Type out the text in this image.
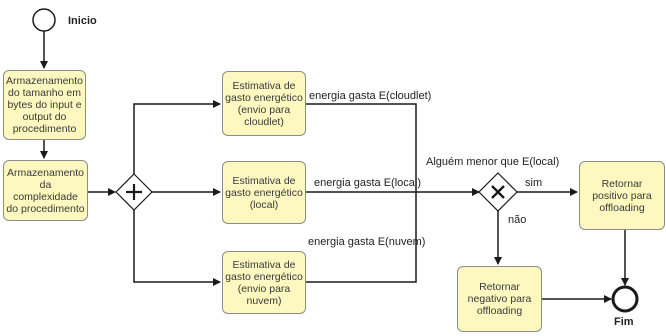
Inicio
Fim
Armazenamento
do tamanho em
bytes do input e
output do
procedimento
Armazenamento
da complexidade
do procedimento
Estimativa de
gasto energético
(envio para
cloudlet)
Estimativa de
gasto energético
(local)
Estimativa de
gasto energético
(envio para
nuvem)
Retornar
positivo para
offloading
Retornar
negativo para
offloading
energia gasta E(cloudlet)
energia gasta E(local)
energia gasta E(nuvem)
Alguém menor que E(local)
sim
não
